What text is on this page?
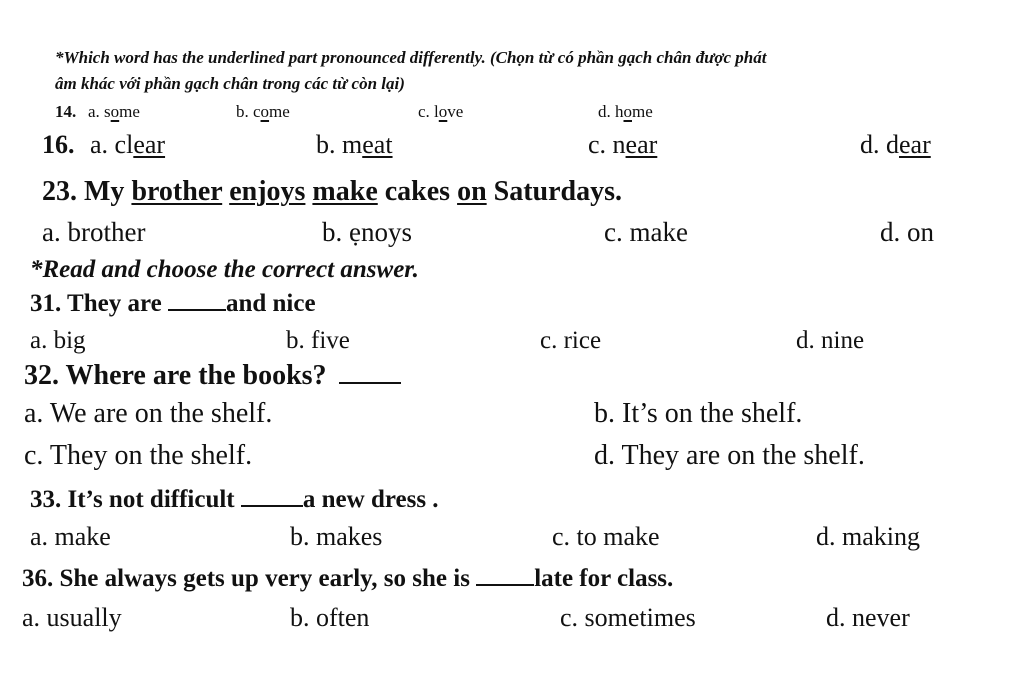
*Which word has the underlined part pronounced differently. (Chọn từ có phần gạch chân được phát
âm khác với phần gạch chân trong các từ còn lại)
14. a. some	b. come	c. love	d. home
16. a. clear	b. meat	c. near	d. dear
23. My brother enjoys make cakes on Saturdays.
a. brother	b. ẹnoys	c. make	d. on
*Read and choose the correct answer.
31. They are and nice
a. big	b. five	c. rice	d. nine
32. Where are the books?
a. We are on the shelf.	b. It’s on the shelf.
c. They on the shelf.	d. They are on the shelf.
33. It’s not difficult a new dress .
a. make	b. makes	c. to make	d. making
36. She always gets up very early, so she is late for class.
a. usually	b. often	c. sometimes	d. never
